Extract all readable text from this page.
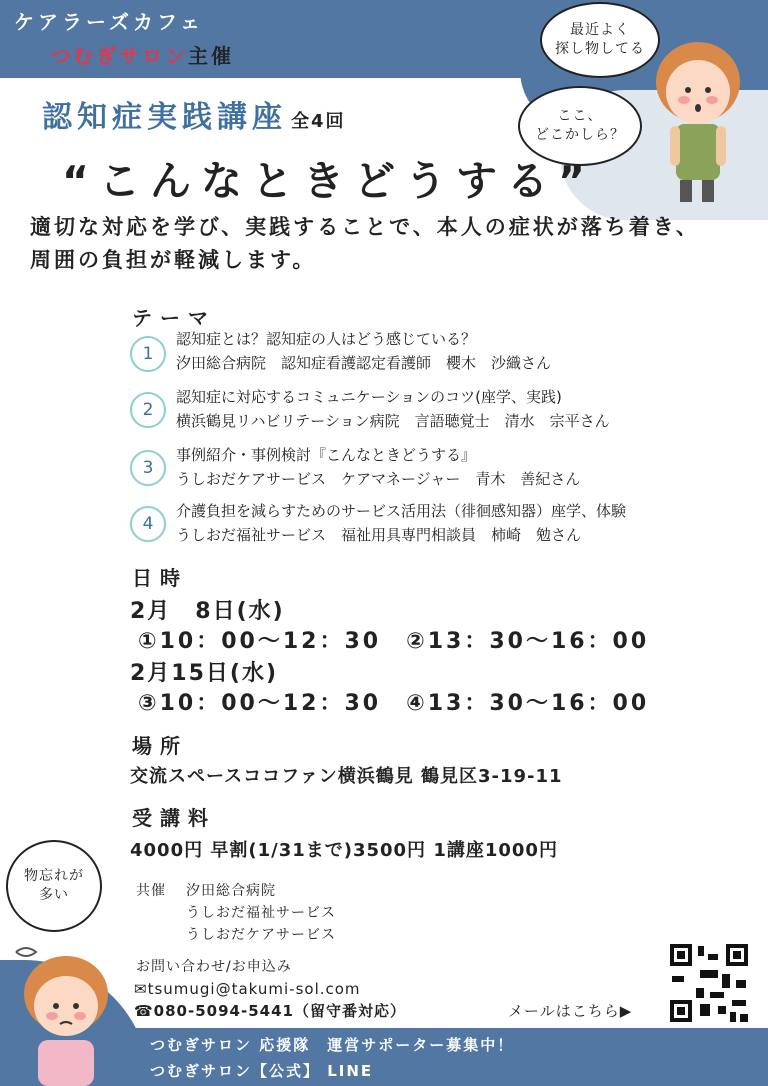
ケアラーズカフェ
つむぎサロン主催
最近よく
探し物してる
ここ、
どこかしら？
認知症実践講座 全4回
“こんなときどうする”
適切な対応を学び、実践することで、本人の症状が落ち着き、
周囲の負担が軽減します。
テーマ
1
認知症とは？認知症の人はどう感じている？
汐田総合病院　認知症看護認定看護師　櫻木　沙織さん
2
認知症に対応するコミュニケーションのコツ(座学、実践)
横浜鶴見リハビリテーション病院　言語聴覚士　清水　宗平さん
3
事例紹介・事例検討『こんなときどうする』
うしおだケアサービス　ケアマネージャー　青木　善紀さん
4
介護負担を減らすためのサービス活用法（徘徊感知器）座学、体験
うしおだ福祉サービス　福祉用具専門相談員　柿崎　勉さん
日時
2月　8日(水)
①10：00～12：30　②13：30～16：00
2月15日(水)
③10：00～12：30　④13：30～16：00
場所
交流スペースココファン横浜鶴見 鶴見区3-19-11
受講料
4000円 早割(1/31まで)3500円 1講座1000円
共催 汐田総合病院
うしおだ福祉サービス
うしおだケアサービス
お問い合わせ/お申込み
✉tsumugi@takumi-sol.com
☎080-5094-5441（留守番対応）	メールはこちら▶
物忘れが
多い
つむぎサロン 応援隊　運営サポーター募集中！
つむぎサロン【公式】 LINE
